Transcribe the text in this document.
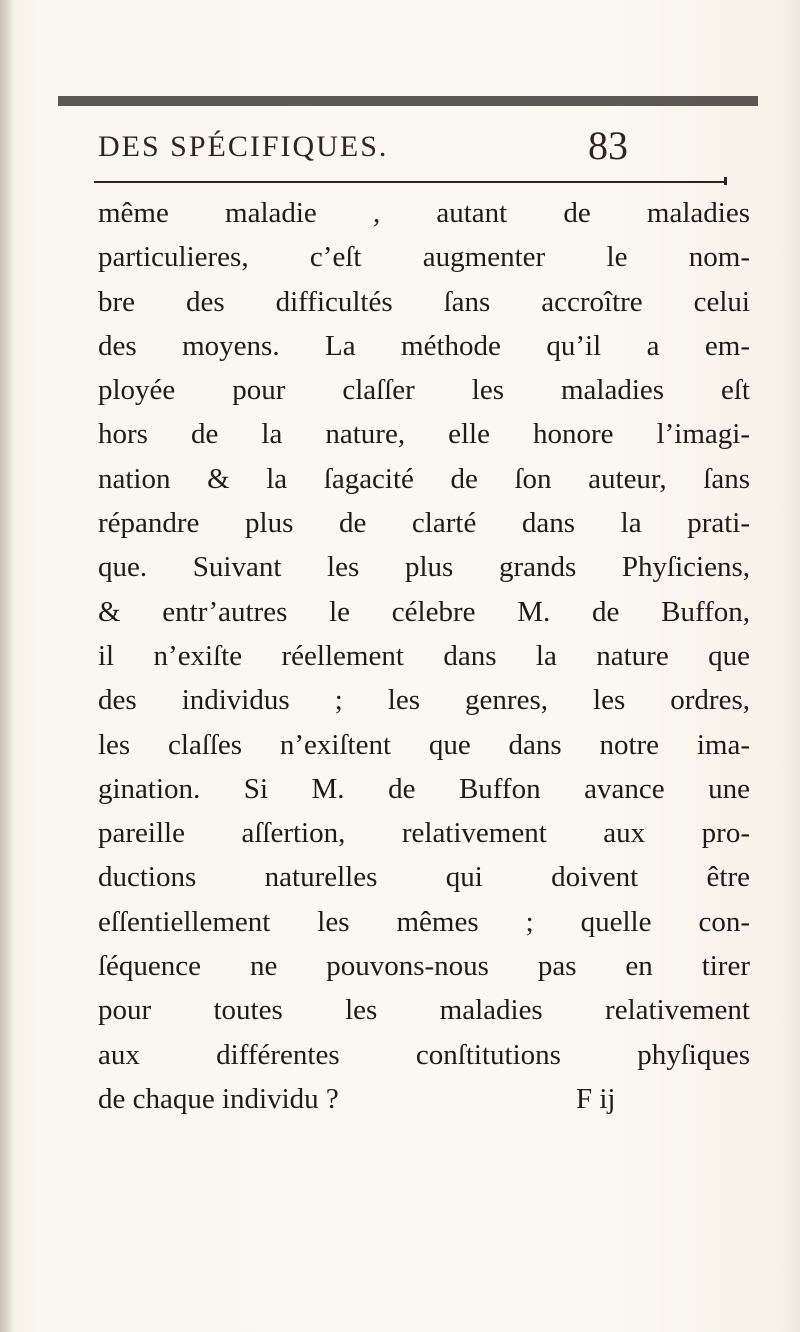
DES SPÉCIFIQUES.	83
même maladie , autant de maladies
particulieres, c’eſt augmenter le nom-
bre des difficultés ſans accroître celui
des moyens. La méthode qu’il a em-
ployée pour claſſer les maladies eſt
hors de la nature, elle honore l’imagi-
nation & la ſagacité de ſon auteur, ſans
répandre plus de clarté dans la prati-
que. Suivant les plus grands Phyſiciens,
& entr’autres le célebre M. de Buffon,
il n’exiſte réellement dans la nature que
des individus ; les genres, les ordres,
les claſſes n’exiſtent que dans notre ima-
gination. Si M. de Buffon avance une
pareille aſſertion, relativement aux pro-
ductions naturelles qui doivent être
eſſentiellement les mêmes ; quelle con-
ſéquence ne pouvons-nous pas en tirer
pour toutes les maladies relativement
aux différentes conſtitutions phyſiques
de chaque individu ?	F ij
